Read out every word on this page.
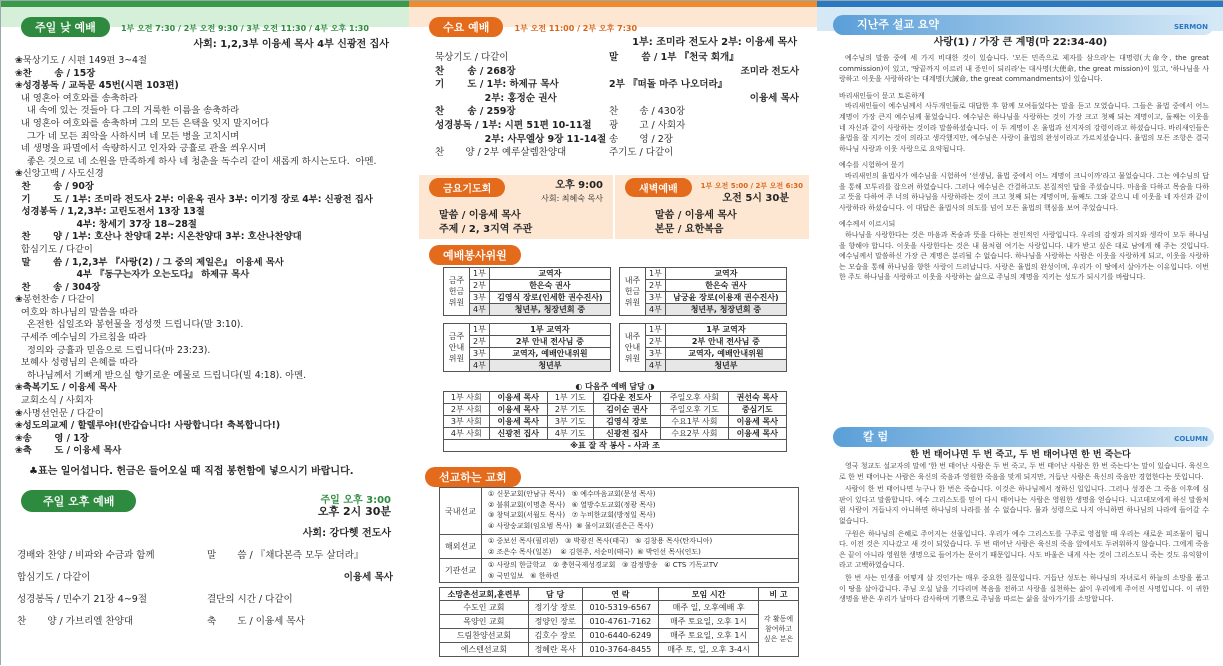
주일 낮 예배	1부 오전 7:30 / 2부 오전 9:30 / 3부 오전 11:30 / 4부 오후 1:30
사회: 1,2,3부 이융세 목사 4부 신광전 집사
❀묵상기도 / 시편 149편 3~4절
❀찬       송 / 15장
❀성경봉독 / 교독문 45번(시편 103편)
내 영혼아 여호와를 송축하라
내 속에 있는 것들아 다 그의 거룩한 이름을 송축하라
내 영혼아 여호와를 송축하며 그의 모든 은택을 잊지 말지어다
그가 네 모든 죄악을 사하시며 네 모든 병을 고치시며
네 생명을 파멸에서 속량하시고 인자와 긍휼로 관을 씌우시며
좋은 것으로 네 소원을 만족하게 하사 네 청춘을 독수리 같이 새롭게 하시는도다.  아멘.
❀신앙고백 / 사도신경
찬       송 / 90장
기       도 / 1부: 조미라 전도사 2부: 이윤옥 권사 3부: 이기정 장로 4부: 신광전 집사
성경봉독 / 1,2,3부: 고린도전서 13장 13절
4부: 창세기 37장 18~28절
찬       양 / 1부: 호산나 찬양대 2부: 시온찬양대 3부: 호산나찬양대
합심기도 / 다같이
말       씀 / 1,2,3부 『사랑(2) / 그 중의 제일은』 이융세 목사
4부 『동구는자가 오는도다』 하제규 목사
찬       송 / 304장
❀봉헌찬송 / 다같이
여호와 하나님의 말씀을 따라
온전한 십일조와 봉헌물을 정성껏 드립니다(말 3:10).
구세주 예수님의 가르침을 따라
정의와 긍휼과 믿음으로 드립니다(마 23:23).
보혜사 성령님의 은혜를 따라
하나님께서 기뻐게 받으실 향기로운 예물로 드립니다(빌 4:18). 아멘.
❀축복기도 / 이융세 목사
교회소식 / 사회자
❀사명선언문 / 다같이
❀성도의교제 / 할렐루야!(반갑습니다! 사랑합니다! 축복합니다!)
❀송       영 / 1장
❀축       도 / 이융세 목사
♣표는 일어섭니다. 헌금은 들어오실 때 직접 봉헌함에 넣으시기 바랍니다.
주일 오후 예배	주일 오후 3:00
오후 2시 30분
사회: 강다헷 전도사
경배와 찬양 / 비파와 수금과 함께	말       씀 / 『채다본즉 모두 살더라』
합심기도 / 다같이	이융세 목사
성경봉독 / 민수기 21장 4~9절	결단의 시간 / 다같이
찬       양 / 가브리엘 찬양대	축       도 / 이융세 목사
수요 예배	1부 오전 11:00 / 2부 오후 7:30
1부: 조미라 전도사 2부: 이융세 목사
묵상기도 / 다같이
찬       송 / 268장
기       도 / 1부: 하제규 목사
2부: 홍정순 권사
찬       송 / 259장
성경봉독 / 1부: 시편 51편 10-11절
2부: 사무엘상 9장 11-14절
찬       양 / 2부 예루살렘찬양대
말       씀 / 1부 『천국 회개』
조미라 전도사
2부 『떠돌 마주 나오더라』
이융세 목사
찬       송 / 430장
광       고 / 사회자
송       영 / 2장
주기도 / 다같이
금요기도회	오후 9:00
사회: 최혜숙 목사
말씀 / 이융세 목사
주제 / 2, 3지역 주관
새벽예배	1부 오전 5:00 / 2부 오전 6:30
오전 5시 30분
말씀 / 이융세 목사
본문 / 요한복음
예배봉사위원
금주
헌금
위원	1부	교역자
	2부	한은숙 권사
	3부	김영식 장로(인세한 권수진사)
	4부	청년부, 청장년회 중
내주
헌금
위원	1부	교역자
	2부	한은숙 권사
	3부	남궁윤 장로(이용재 권수진사)
	4부	청년부, 청장년회 중
금주
안내
위원	1부	1부 교역자
	2부	2부 안내 전사님 중
	3부	교역자, 예배안내위원
	4부	청년부
내주
안내
위원	1부	1부 교역자
	2부	2부 안내 전사님 중
	3부	교역자, 예배안내위원
	4부	청년부
◐ 다음주 예배 담당 ◑
1부 사회	이융세 목사	1부 기도	김다운 전도사	주일오후 사회	권선숙 목사
2부 사회	이융세 목사	2부 기도	김이순 권사	주일오후 기도	중심기도
3부 사회	이융세 목사	3부 기도	김영식 장로	수요1부 사회	이융세 목사
4부 사회	신광전 집사	4부 기도	신광전 집사	수요2부 사회	이융세 목사
※표 잘 작 봉사 - 사과 조					
선교하는 교회
국내선교
① 신문교회(안남규 목사)   ⑤ 예수마음교회(문성 목사)
② 불휘교회(이명춘 목사)   ⑥ 열방수도교회(정광 목사)
③ 창덕교회(서월도 목사)   ⑦ 누비한교회(방정일 목사)
④ 사랑숭교회(임요범 목사)  ⑧ 물이교회(권은근 목사)
해외선교
① 중보선 목사(필리핀)   ③ 박광진 목사(태국)   ⑤ 김창용 목사(탄자니아)
② 조은수 목사(일본)    ④ 김현주, 서순미(태국)  ⑥ 박인선 목사(인도)
기관선교
① 사랑의 한글학교   ② 충현국제성경교회   ③ 감정방송   ④ CTS 기독교TV
⑤ 국민일보   ⑥ 한하련
소망촌선교회,훈련부	담 당	연 락	모임 시간	비 고
수도인 교회	정기상 장로	010-5319-6567	매주 일, 오후예배 후	각 활동에 참여하고 싶은 분은
목양인 교회	정양인 장로	010-4761-7162	매주 토요일, 오후 1시	
드림찬양선교회	김호수 장로	010-6440-6249	매주 토요일, 오후 1시	
에스텐선교회	정혜란 목사	010-3764-8455	매주 토, 일, 오후 3-4시	
지난주 설교 요약	SERMON
사랑(1) / 가장 큰 계명(마 22:34-40)

예수님의 말씀 중에 세 가지 비대한 것이 있습니다. '모든 민족으로 제자를 삼으라'는 대명령(大命令, the great commission)이 있고, '땅끝까지 이르러 내 증인이 되리라'는 대사명(大使命, the great mission)이 있고, '하나님을 사랑하고 이웃을 사랑하라'는 대계명(大誡命, the great commandments)이 있습니다.

바리새인들이 묻고 토론하게

바리새인들이 예수님께서 사두개인들로 대답한 후 함께 모여들었다는 말을 듣고 모였습니다. 그들은 율법 중에서 어느 계명이 가장 큰지 예수님께 물었습니다. 예수님은 하나님을 사랑하는 것이 가장 크고 첫째 되는 계명이고, 둘째는 이웃을 네 자신과 같이 사랑하는 것이라 말씀하셨습니다. 이 두 계명이 온 율법과 선지자의 강령이라고 하셨습니다. 바리새인들은 율법을 잘 지키는 것이 의라고 생각했지만, 예수님은 사랑이 율법의 완성이라고 가르치셨습니다. 율법의 모든 조항은 결국 하나님 사랑과 이웃 사랑으로 요약됩니다.

예수를 시험하여 묻기

바리새인의 율법사가 예수님을 시험하여 '선생님, 율법 중에서 어느 계명이 크니이까'라고 물었습니다. 그는 예수님의 답을 통해 꼬투리를 잡으려 하였습니다. 그러나 예수님은 간결하고도 본질적인 답을 주셨습니다. 마음을 다하고 목숨을 다하고 뜻을 다하여 주 너의 하나님을 사랑하라는 것이 크고 첫째 되는 계명이며, 둘째도 그와 같으니 네 이웃을 네 자신과 같이 사랑하라 하셨습니다. 이 대답은 율법사의 의도를 넘어 모든 율법의 핵심을 보여 주었습니다.

예수께서 이르시되

하나님을 사랑한다는 것은 마음과 목숨과 뜻을 다하는 전인적인 사랑입니다. 우리의 감정과 의지와 생각이 모두 하나님을 향해야 합니다. 이웃을 사랑한다는 것은 내 몸처럼 여기는 사랑입니다. 내가 받고 싶은 대로 남에게 해 주는 것입니다. 예수님께서 말씀하신 가장 큰 계명은 분리될 수 없습니다. 하나님을 사랑하는 사람은 이웃을 사랑하게 되고, 이웃을 사랑하는 모습을 통해 하나님을 향한 사랑이 드러납니다. 사랑은 율법의 완성이며, 우리가 이 땅에서 살아가는 이유입니다. 이번 한 주도 하나님을 사랑하고 이웃을 사랑하는 삶으로 주님의 계명을 지키는 성도가 되시기를 바랍니다.

칼 럼	COLUMN
한 번 태어나면 두 번 죽고, 두 번 태어나면 한 번 죽는다

영국 청교도 설교자의 말에 '한 번 태어난 사람은 두 번 죽고, 두 번 태어난 사람은 한 번 죽는다'는 말이 있습니다. 육신으로 한 번 태어나는 사람은 육신의 죽음과 영원한 죽음을 맞게 되지만, 거듭난 사람은 육신의 죽음만 경험한다는 뜻입니다.

사람이 한 번 태어나면 누구나 한 번은 죽습니다. 이것은 하나님께서 정하신 일입니다. 그러나 성경은 그 죽음 이후에 심판이 있다고 말씀합니다. 예수 그리스도를 믿어 다시 태어나는 사람은 영원한 생명을 얻습니다. 니고데모에게 하신 말씀처럼 사람이 거듭나지 아니하면 하나님의 나라를 볼 수 없습니다. 물과 성령으로 나지 아니하면 하나님의 나라에 들어갈 수 없습니다.

구원은 하나님의 은혜로 주어지는 선물입니다. 우리가 예수 그리스도를 구주로 영접할 때 우리는 새로운 피조물이 됩니다. 이전 것은 지나갔고 새 것이 되었습니다. 두 번 태어난 사람은 육신의 죽음 앞에서도 두려워하지 않습니다. 그에게 죽음은 끝이 아니라 영원한 생명으로 들어가는 문이기 때문입니다. 사도 바울은 내게 사는 것이 그리스도니 죽는 것도 유익함이라고 고백하였습니다.

한 번 사는 인생을 어떻게 살 것인가는 매우 중요한 질문입니다. 거듭난 성도는 하나님의 자녀로서 하늘의 소망을 품고 이 땅을 살아갑니다. 주님 오실 날을 기다리며 복음을 전하고 사랑을 실천하는 삶이 우리에게 주어진 사명입니다. 이 귀한 생명을 받은 우리가 날마다 감사하며 기쁨으로 주님을 따르는 삶을 살아가기를 소망합니다.
